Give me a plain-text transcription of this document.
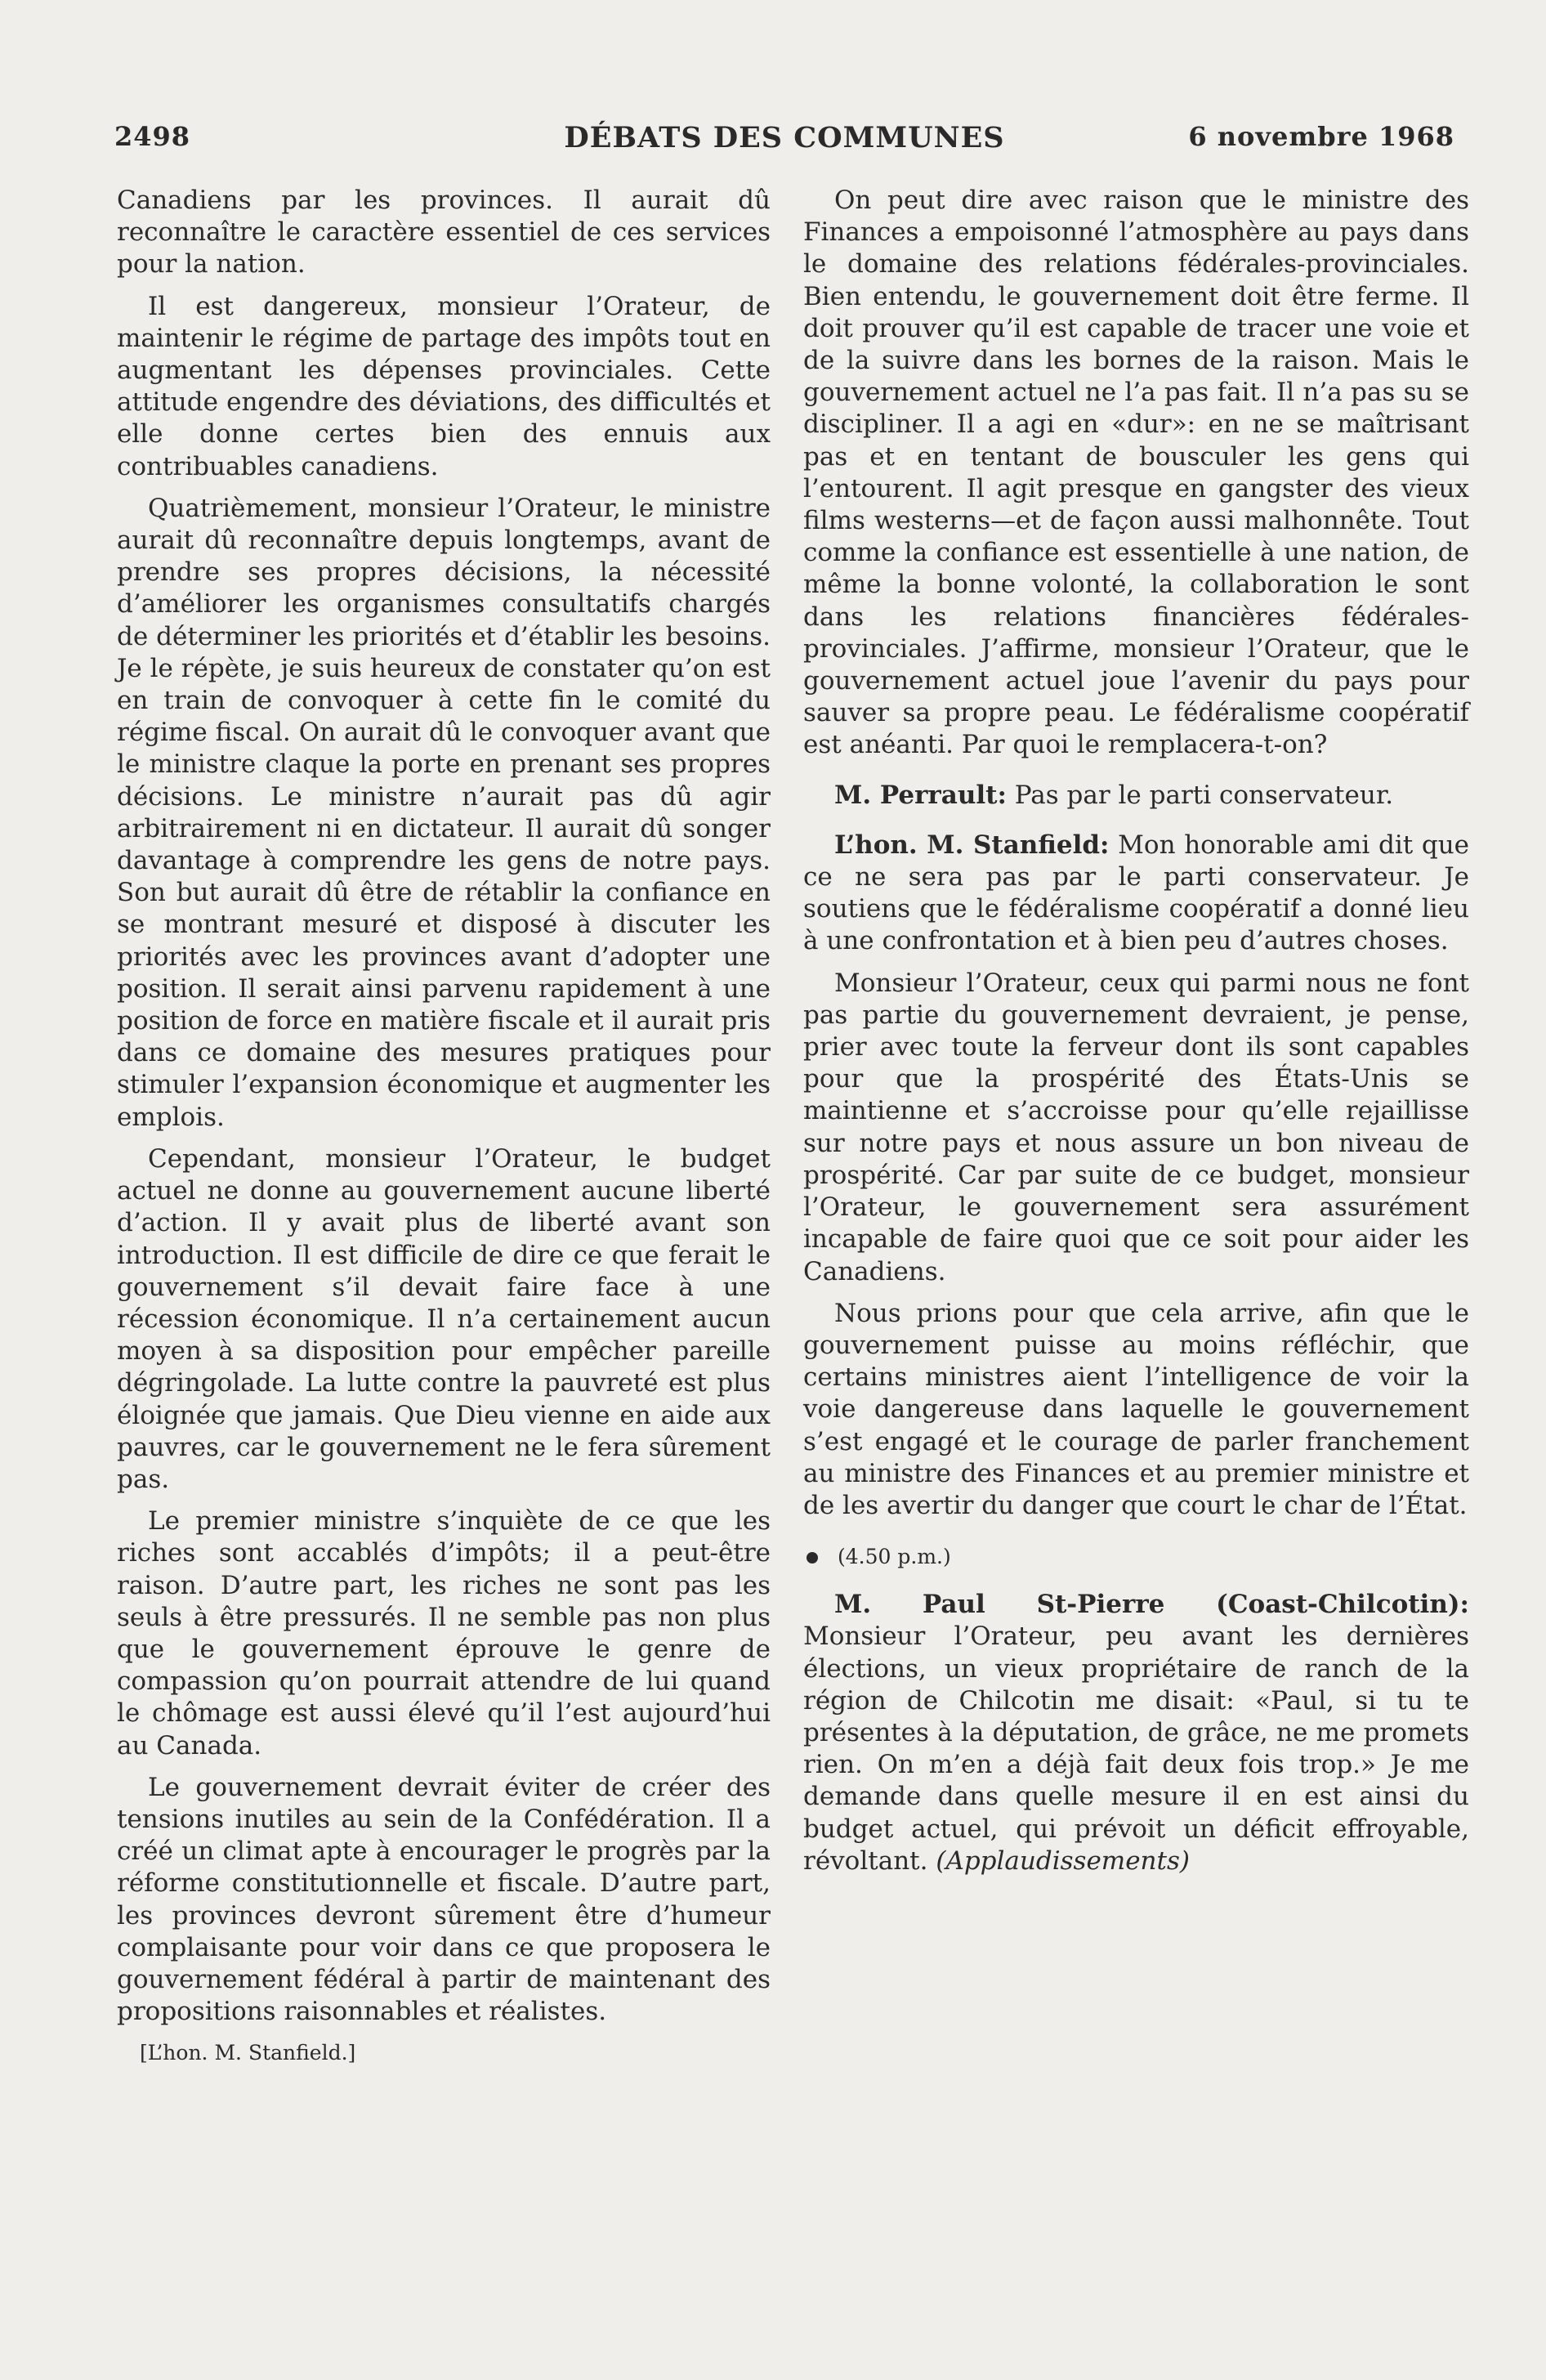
2498	DÉBATS DES COMMUNES	6 novembre 1968

Canadiens par les provinces. Il aurait dû reconnaître le caractère essentiel de ces services pour la nation.

Il est dangereux, monsieur l’Orateur, de maintenir le régime de partage des impôts tout en augmentant les dépenses provinciales. Cette attitude engendre des déviations, des difficultés et elle donne certes bien des ennuis aux contribuables canadiens.

Quatrièmement, monsieur l’Orateur, le ministre aurait dû reconnaître depuis longtemps, avant de prendre ses propres décisions, la nécessité d’améliorer les organismes consultatifs chargés de déterminer les priorités et d’établir les besoins. Je le répète, je suis heureux de constater qu’on est en train de convoquer à cette fin le comité du régime fiscal. On aurait dû le convoquer avant que le ministre claque la porte en prenant ses propres décisions. Le ministre n’aurait pas dû agir arbitrairement ni en dictateur. Il aurait dû songer davantage à comprendre les gens de notre pays. Son but aurait dû être de rétablir la confiance en se montrant mesuré et disposé à discuter les priorités avec les provinces avant d’adopter une position. Il serait ainsi parvenu rapidement à une position de force en matière fiscale et il aurait pris dans ce domaine des mesures pratiques pour stimuler l’expansion économique et augmenter les emplois.

Cependant, monsieur l’Orateur, le budget actuel ne donne au gouvernement aucune liberté d’action. Il y avait plus de liberté avant son introduction. Il est difficile de dire ce que ferait le gouvernement s’il devait faire face à une récession économique. Il n’a certainement aucun moyen à sa disposition pour empêcher pareille dégringolade. La lutte contre la pauvreté est plus éloignée que jamais. Que Dieu vienne en aide aux pauvres, car le gouvernement ne le fera sûrement pas.

Le premier ministre s’inquiète de ce que les riches sont accablés d’impôts; il a peut-être raison. D’autre part, les riches ne sont pas les seuls à être pressurés. Il ne semble pas non plus que le gouvernement éprouve le genre de compassion qu’on pourrait attendre de lui quand le chômage est aussi élevé qu’il l’est aujourd’hui au Canada.

Le gouvernement devrait éviter de créer des tensions inutiles au sein de la Confédération. Il a créé un climat apte à encourager le progrès par la réforme constitutionnelle et fiscale. D’autre part, les provinces devront sûrement être d’humeur complaisante pour voir dans ce que proposera le gouvernement fédéral à partir de maintenant des propositions raisonnables et réalistes.

[L’hon. M. Stanfield.]

On peut dire avec raison que le ministre des Finances a empoisonné l’atmosphère au pays dans le domaine des relations fédérales-provinciales. Bien entendu, le gouvernement doit être ferme. Il doit prouver qu’il est capable de tracer une voie et de la suivre dans les bornes de la raison. Mais le gouvernement actuel ne l’a pas fait. Il n’a pas su se discipliner. Il a agi en «dur»: en ne se maîtrisant pas et en tentant de bousculer les gens qui l’entourent. Il agit presque en gangster des vieux films westerns—et de façon aussi malhonnête. Tout comme la confiance est essentielle à une nation, de même la bonne volonté, la collaboration le sont dans les relations financières fédérales-provinciales. J’affirme, monsieur l’Orateur, que le gouvernement actuel joue l’avenir du pays pour sauver sa propre peau. Le fédéralisme coopératif est anéanti. Par quoi le remplacera-t-on?

M. Perrault: Pas par le parti conservateur.

L’hon. M. Stanfield: Mon honorable ami dit que ce ne sera pas par le parti conservateur. Je soutiens que le fédéralisme coopératif a donné lieu à une confrontation et à bien peu d’autres choses.

Monsieur l’Orateur, ceux qui parmi nous ne font pas partie du gouvernement devraient, je pense, prier avec toute la ferveur dont ils sont capables pour que la prospérité des États-Unis se maintienne et s’accroisse pour qu’elle rejaillisse sur notre pays et nous assure un bon niveau de prospérité. Car par suite de ce budget, monsieur l’Orateur, le gouvernement sera assurément incapable de faire quoi que ce soit pour aider les Canadiens.

Nous prions pour que cela arrive, afin que le gouvernement puisse au moins réfléchir, que certains ministres aient l’intelligence de voir la voie dangereuse dans laquelle le gouvernement s’est engagé et le courage de parler franchement au ministre des Finances et au premier ministre et de les avertir du danger que court le char de l’État.

(4.50 p.m.)

M. Paul St-Pierre (Coast-Chilcotin): Monsieur l’Orateur, peu avant les dernières élections, un vieux propriétaire de ranch de la région de Chilcotin me disait: «Paul, si tu te présentes à la députation, de grâce, ne me promets rien. On m’en a déjà fait deux fois trop.» Je me demande dans quelle mesure il en est ainsi du budget actuel, qui prévoit un déficit effroyable, révoltant. (Applaudissements)
